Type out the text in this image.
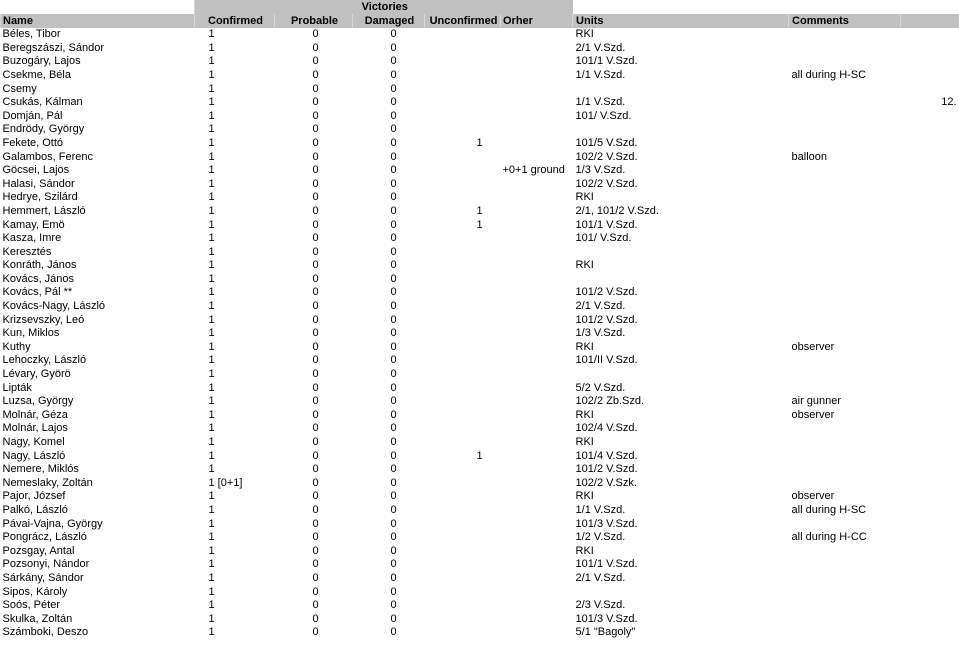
	Victories							
Name	Confirmed	Probable	Damaged	Unconfirmed	Orher	Units	Comments	
Béles, Tibor	1	0	0			RKI		
Beregszászi, Sándor	1	0	0			2/1 V.Szd.		
Buzogáry, Lajos	1	0	0			101/1 V.Szd.		
Csekme, Béla	1	0	0			1/1 V.Szd.	all during H-SC	
Csemy	1	0	0					
Csukás, Kálman	1	0	0			1/1 V.Szd.		12.
Domján, Pál	1	0	0			101/ V.Szd.		
Endrödy, György	1	0	0					
Fekete, Ottó	1	0	0	1		101/5 V.Szd.		
Galambos, Ferenc	1	0	0			102/2 V.Szd.	balloon	
Göcsei, Lajos	1	0	0		+0+1 ground	1/3 V.Szd.		
Halasi, Sándor	1	0	0			102/2 V.Szd.		
Hedrye, Szilárd	1	0	0			RKI		
Hemmert, László	1	0	0	1		2/1, 101/2 V.Szd.		
Kamay, Emö	1	0	0	1		101/1 V.Szd.		
Kasza, Imre	1	0	0			101/ V.Szd.		
Keresztés	1	0	0					
Konráth, János	1	0	0			RKI		
Kovács, János	1	0	0					
Kovács, Pál **	1	0	0			101/2 V.Szd.		
Kovács-Nagy, László	1	0	0			2/1 V.Szd.		
Krizsevszky, Leó	1	0	0			101/2 V.Szd.		
Kun, Miklos	1	0	0			1/3 V.Szd.		
Kuthy	1	0	0			RKI	observer	
Lehoczky, László	1	0	0			101/II V.Szd.		
Lévary, Györö	1	0	0					
Lipták	1	0	0			5/2 V.Szd.		
Luzsa, György	1	0	0			102/2 Zb.Szd.	air gunner	
Molnár, Géza	1	0	0			RKI	observer	
Molnár, Lajos	1	0	0			102/4 V.Szd.		
Nagy, Komel	1	0	0			RKI		
Nagy, László	1	0	0	1		101/4 V.Szd.		
Nemere, Miklós	1	0	0			101/2 V.Szd.		
Nemeslaky, Zoltán	1 [0+1]	0	0			102/2 V.Szk.		
Pajor, József	1	0	0			RKI	observer	
Palkó, László	1	0	0			1/1 V.Szd.	all during H-SC	
Pávai-Vajna, György	1	0	0			101/3 V.Szd.		
Pongrácz, László	1	0	0			1/2 V.Szd.	all during H-CC	
Pozsgay, Antal	1	0	0			RKI		
Pozsonyi, Nándor	1	0	0			101/1 V.Szd.		
Sárkány, Sándor	1	0	0			2/1 V.Szd.		
Sipos, Károly	1	0	0					
Soós, Péter	1	0	0			2/3 V.Szd.		
Skulka, Zoltán	1	0	0			101/3 V.Szd.		
Számboki, Deszo	1	0	0			5/1 "Bagoly"		
